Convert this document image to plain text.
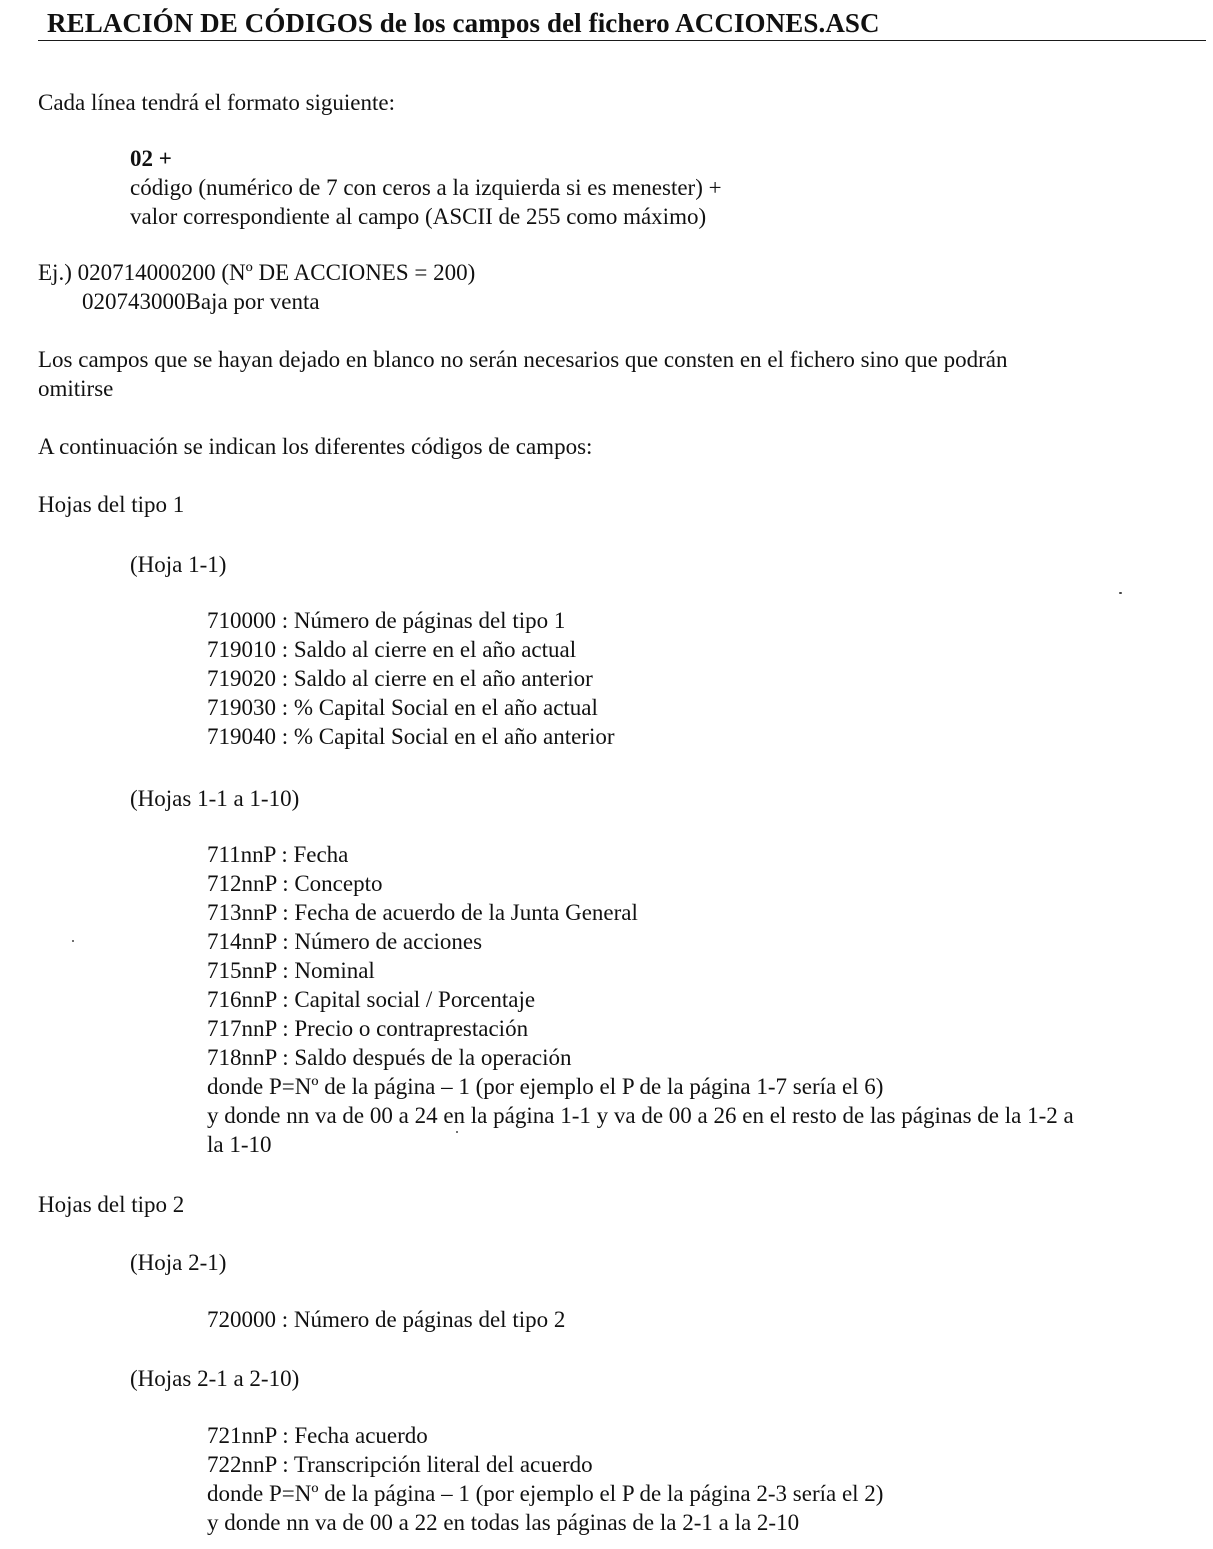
RELACIÓN DE CÓDIGOS de los campos del fichero ACCIONES.ASC
Cada línea tendrá el formato siguiente:
02 +
código (numérico de 7 con ceros a la izquierda si es menester) +
valor correspondiente al campo (ASCII de 255 como máximo)
Ej.) 020714000200 (Nº DE ACCIONES = 200)
020743000Baja por venta
Los campos que se hayan dejado en blanco no serán necesarios que consten en el fichero sino que podrán
omitirse
A continuación se indican los diferentes códigos de campos:
Hojas del tipo 1
(Hoja 1-1)
710000 : Número de páginas del tipo 1
719010 : Saldo al cierre en el año actual
719020 : Saldo al cierre en el año anterior
719030 : % Capital Social en el año actual
719040 : % Capital Social en el año anterior
(Hojas 1-1 a 1-10)
711nnP : Fecha
712nnP : Concepto
713nnP : Fecha de acuerdo de la Junta General
714nnP : Número de acciones
715nnP : Nominal
716nnP : Capital social / Porcentaje
717nnP : Precio o contraprestación
718nnP : Saldo después de la operación
donde P=Nº de la página – 1 (por ejemplo el P de la página 1-7 sería el 6)
y donde nn va de 00 a 24 en la página 1-1 y va de 00 a 26 en el resto de las páginas de la 1-2 a
la 1-10
Hojas del tipo 2
(Hoja 2-1)
720000 : Número de páginas del tipo 2
(Hojas 2-1 a 2-10)
721nnP : Fecha acuerdo
722nnP : Transcripción literal del acuerdo
donde P=Nº de la página – 1 (por ejemplo el P de la página 2-3 sería el 2)
y donde nn va de 00 a 22 en todas las páginas de la 2-1 a la 2-10
